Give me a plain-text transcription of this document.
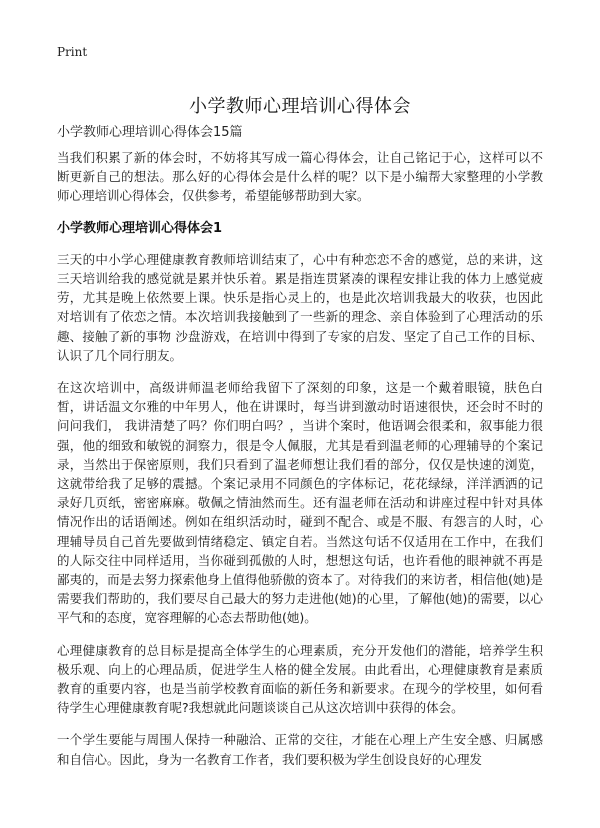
Print
小学教师心理培训心得体会
小学教师心理培训心得体会15篇

当我们积累了新的体会时，不妨将其写成一篇心得体会，让自己铭记于心，这样可以不断更新自己的想法。那么好的心得体会是什么样的呢？以下是小编帮大家整理的小学教师心理培训心得体会，仅供参考，希望能够帮助到大家。

小学教师心理培训心得体会1

三天的中小学心理健康教育教师培训结束了，心中有种恋恋不舍的感觉，总的来讲，这三天培训给我的感觉就是累并快乐着。累是指连贯紧凑的课程安排让我的体力上感觉疲劳，尤其是晚上依然要上课。快乐是指心灵上的，也是此次培训我最大的收获，也因此对培训有了依恋之情。本次培训我接触到了一些新的理念、亲自体验到了心理活动的乐趣、接触了新的事物 沙盘游戏，在培训中得到了专家的启发、坚定了自己工作的目标、认识了几个同行朋友。

在这次培训中，高级讲师温老师给我留下了深刻的印象，这是一个戴着眼镜，肤色白皙，讲话温文尔雅的中年男人，他在讲课时，每当讲到激动时语速很快，还会时不时的问问我们， 我讲清楚了吗？你们明白吗？，当讲个案时，他语调会很柔和，叙事能力很强，他的细致和敏锐的洞察力，很是令人佩服，尤其是看到温老师的心理辅导的个案记录，当然出于保密原则，我们只看到了温老师想让我们看的部分，仅仅是快速的浏览，这就带给我了足够的震撼。个案记录用不同颜色的字体标记，花花绿绿，洋洋洒洒的记录好几页纸，密密麻麻。敬佩之情油然而生。还有温老师在活动和讲座过程中针对具体情况作出的话语阐述。例如在组织活动时，碰到不配合、或是不服、有怨言的人时，心理辅导员自己首先要做到情绪稳定、镇定自若。当然这句话不仅适用在工作中，在我们的人际交往中同样适用，当你碰到孤傲的人时，想想这句话，也许看他的眼神就不再是鄙夷的，而是去努力探索他身上值得他骄傲的资本了。对待我们的来访者，相信他(她)是需要我们帮助的，我们要尽自己最大的努力走进他(她)的心里，了解他(她)的需要，以心平气和的态度，宽容理解的心态去帮助他(她)。

心理健康教育的总目标是提高全体学生的心理素质，充分开发他们的潜能，培养学生积极乐观、向上的心理品质，促进学生人格的健全发展。由此看出，心理健康教育是素质教育的重要内容，也是当前学校教育面临的新任务和新要求。在现今的学校里，如何看待学生心理健康教育呢?我想就此问题谈谈自己从这次培训中获得的体会。

一个学生要能与周围人保持一种融洽、正常的交往，才能在心理上产生安全感、归属感和自信心。因此，身为一名教育工作者，我们要积极为学生创设良好的心理发
